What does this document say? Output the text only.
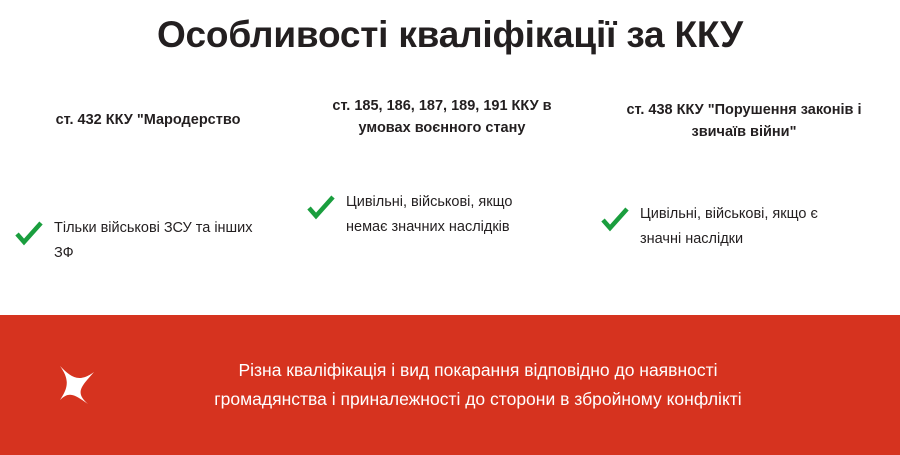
Особливості кваліфікації за ККУ
ст. 432 ККУ "Мародерство
Тільки військові ЗСУ та інших ЗФ
ст. 185, 186, 187, 189, 191 ККУ в умовах воєнного стану
Цивільні, військові, якщо немає значних наслідків
ст. 438 ККУ "Порушення законів і звичаїв війни"
Цивільні, військові, якщо є значні наслідки
Різна кваліфікація і вид покарання відповідно до наявності
громадянства і приналежності до сторони в збройному конфлікті
